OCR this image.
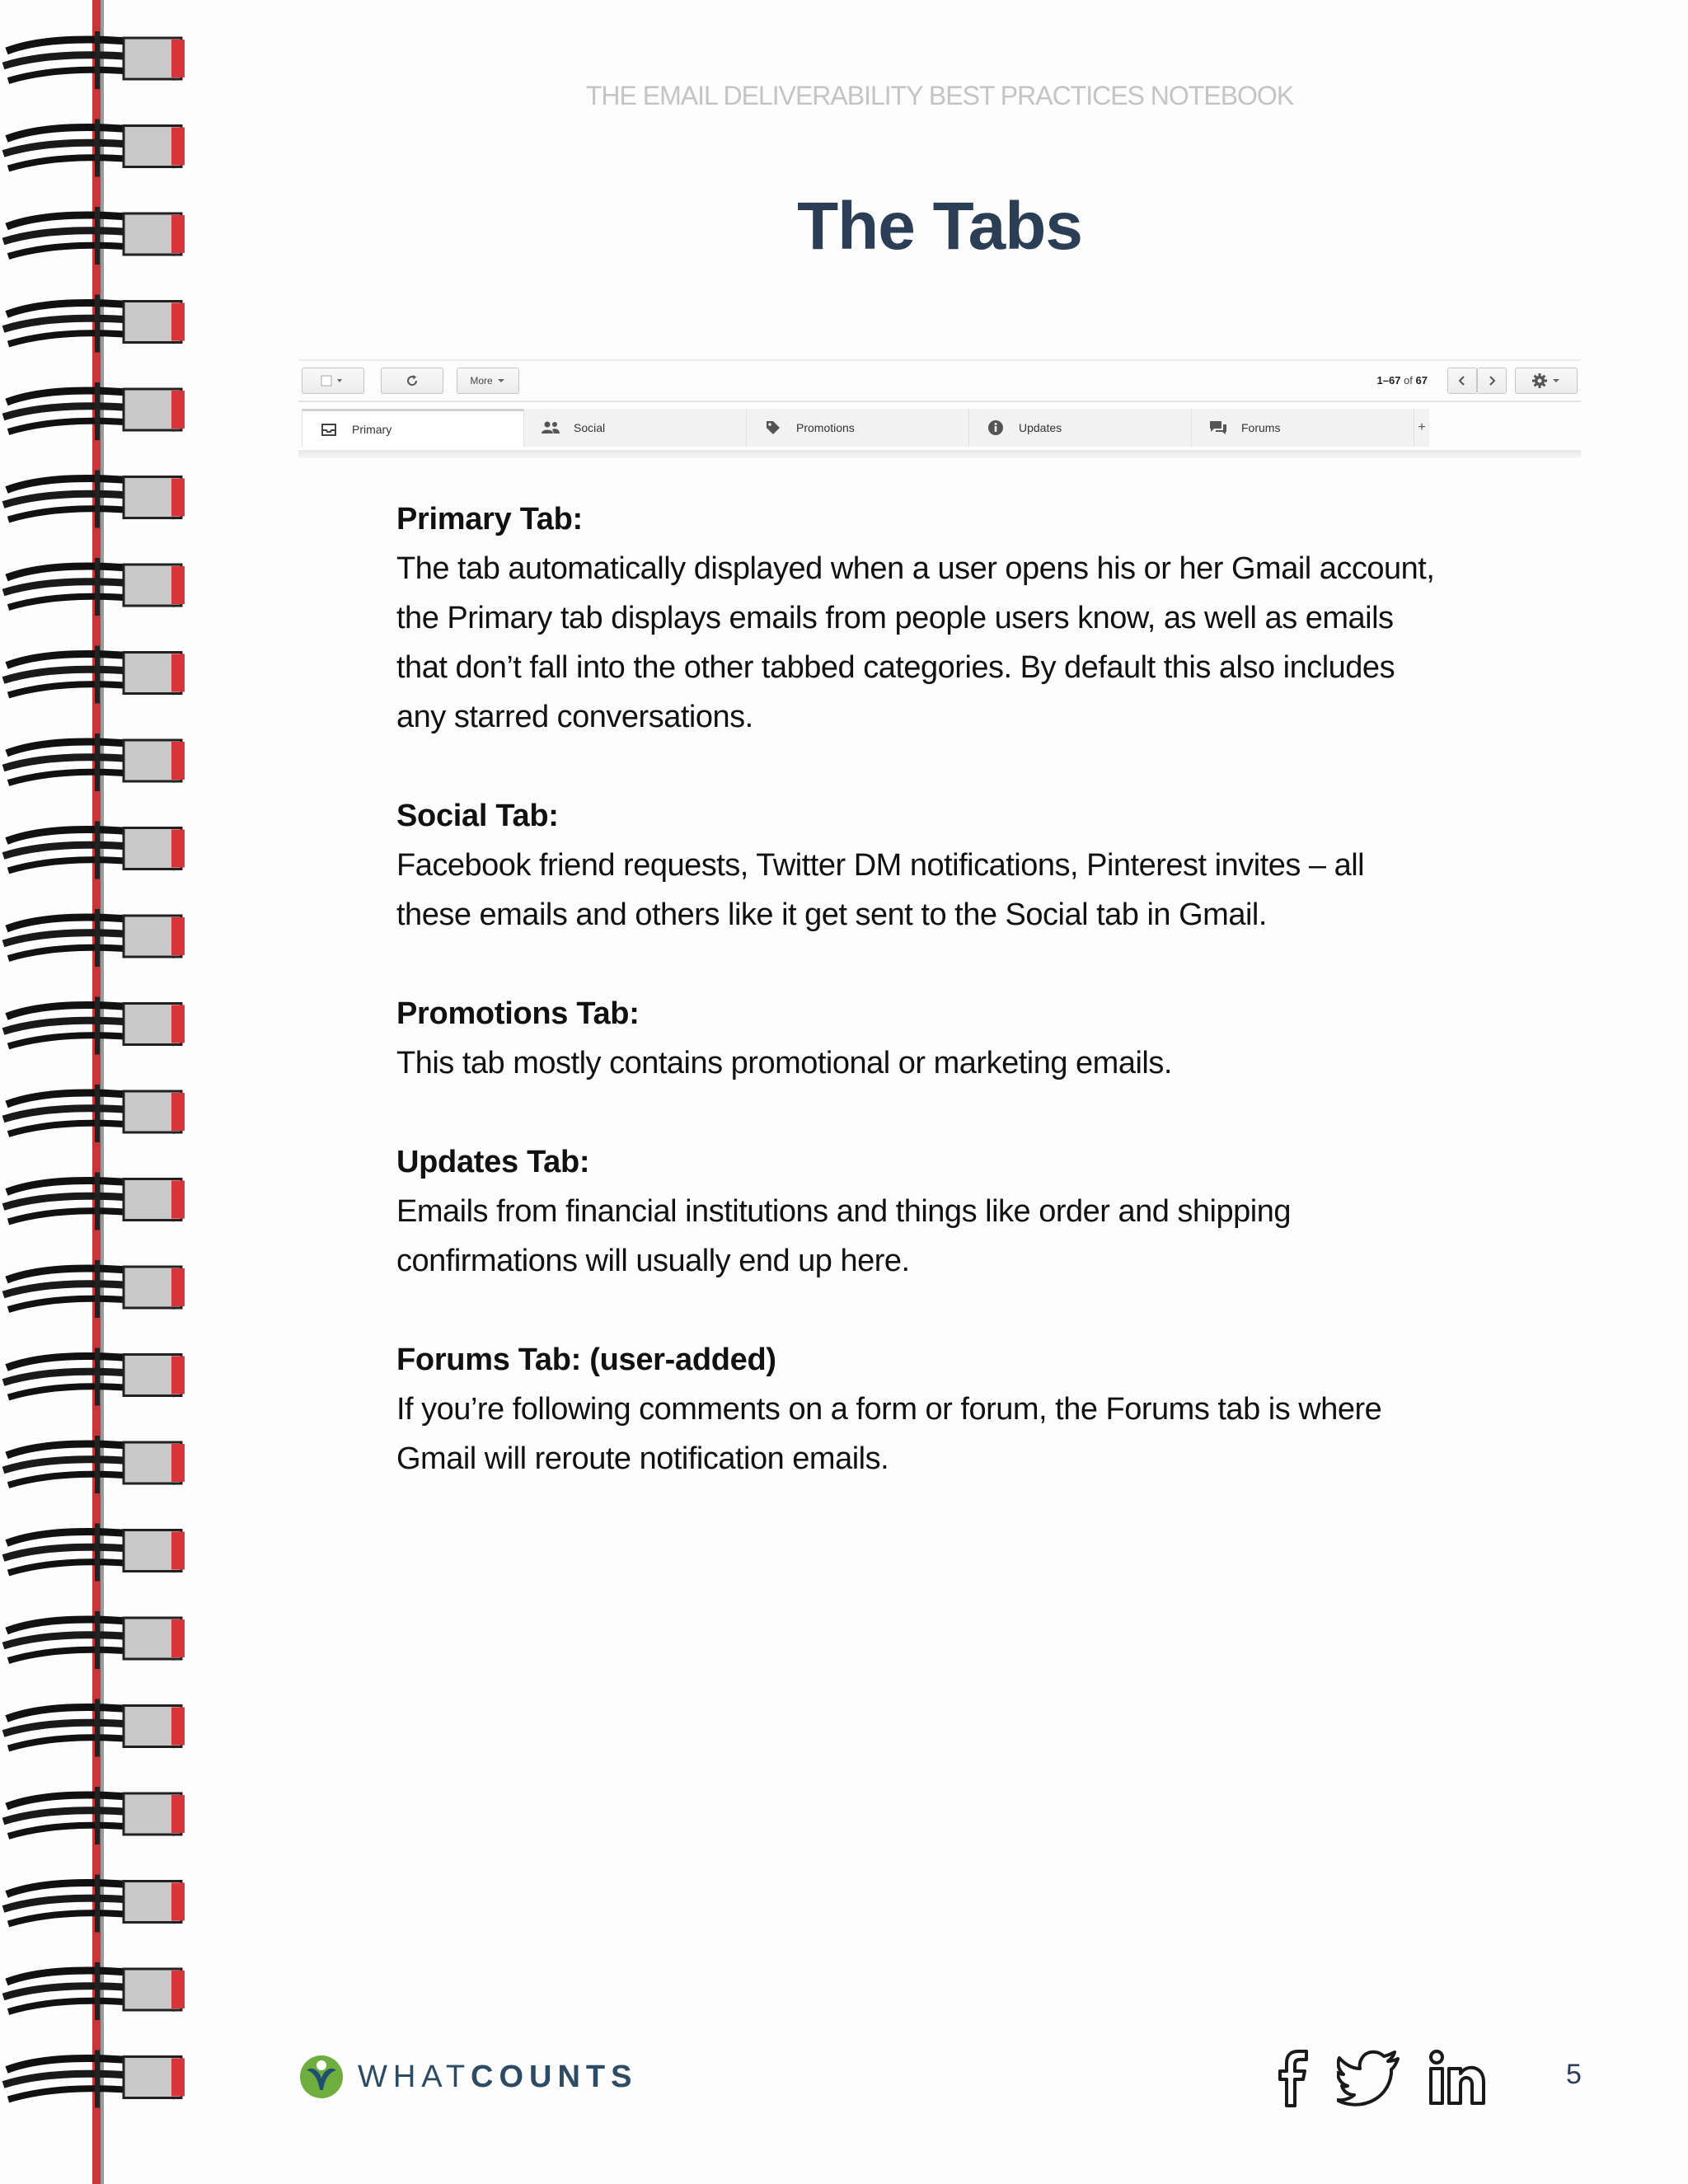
THE EMAIL DELIVERABILITY BEST PRACTICES NOTEBOOK
The Tabs
More	1–67 of 67
Primary	Social	Promotions	Updates	Forums	+
Primary Tab:

The tab automatically displayed when a user opens his or her Gmail account,

the Primary tab displays emails from people users know, as well as emails

that don’t fall into the other tabbed categories. By default this also includes

any starred conversations.

Social Tab:

Facebook friend requests, Twitter DM notifications, Pinterest invites – all

these emails and others like it get sent to the Social tab in Gmail.

Promotions Tab:

This tab mostly contains promotional or marketing emails.

Updates Tab:

Emails from financial institutions and things like order and shipping

confirmations will usually end up here.

Forums Tab: (user-added)

If you’re following comments on a form or forum, the Forums tab is where

Gmail will reroute notification emails.

WHATCOUNTS	5
